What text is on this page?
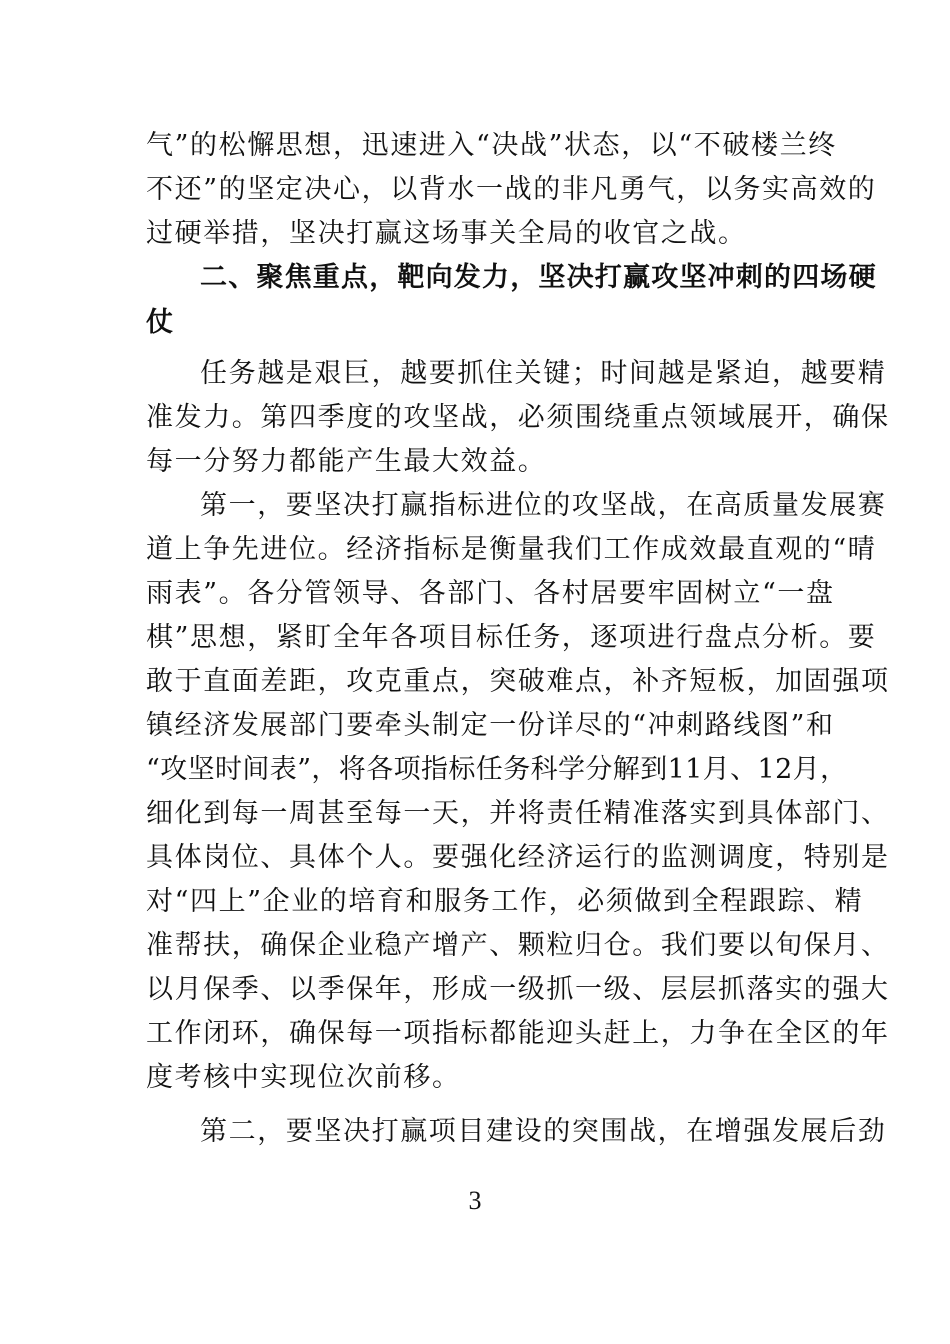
气”的松懈思想，迅速进入“决战”状态，以“不破楼兰终
不还”的坚定决心，以背水一战的非凡勇气，以务实高效的
过硬举措，坚决打赢这场事关全局的收官之战。
二、聚焦重点，靶向发力，坚决打赢攻坚冲刺的四场硬
仗
任务越是艰巨，越要抓住关键；时间越是紧迫，越要精
准发力。第四季度的攻坚战，必须围绕重点领域展开，确保
每一分努力都能产生最大效益。
第一，要坚决打赢指标进位的攻坚战，在高质量发展赛
道上争先进位。经济指标是衡量我们工作成效最直观的“晴
雨表”。各分管领导、各部门、各村居要牢固树立“一盘
棋”思想，紧盯全年各项目标任务，逐项进行盘点分析。要
敢于直面差距，攻克重点，突破难点，补齐短板，加固强项
镇经济发展部门要牵头制定一份详尽的“冲刺路线图”和
“攻坚时间表”，将各项指标任务科学分解到11月、12月，
细化到每一周甚至每一天，并将责任精准落实到具体部门、
具体岗位、具体个人。要强化经济运行的监测调度，特别是
对“四上”企业的培育和服务工作，必须做到全程跟踪、精
准帮扶，确保企业稳产增产、颗粒归仓。我们要以旬保月、
以月保季、以季保年，形成一级抓一级、层层抓落实的强大
工作闭环，确保每一项指标都能迎头赶上，力争在全区的年
度考核中实现位次前移。
第二，要坚决打赢项目建设的突围战，在增强发展后劲
3
